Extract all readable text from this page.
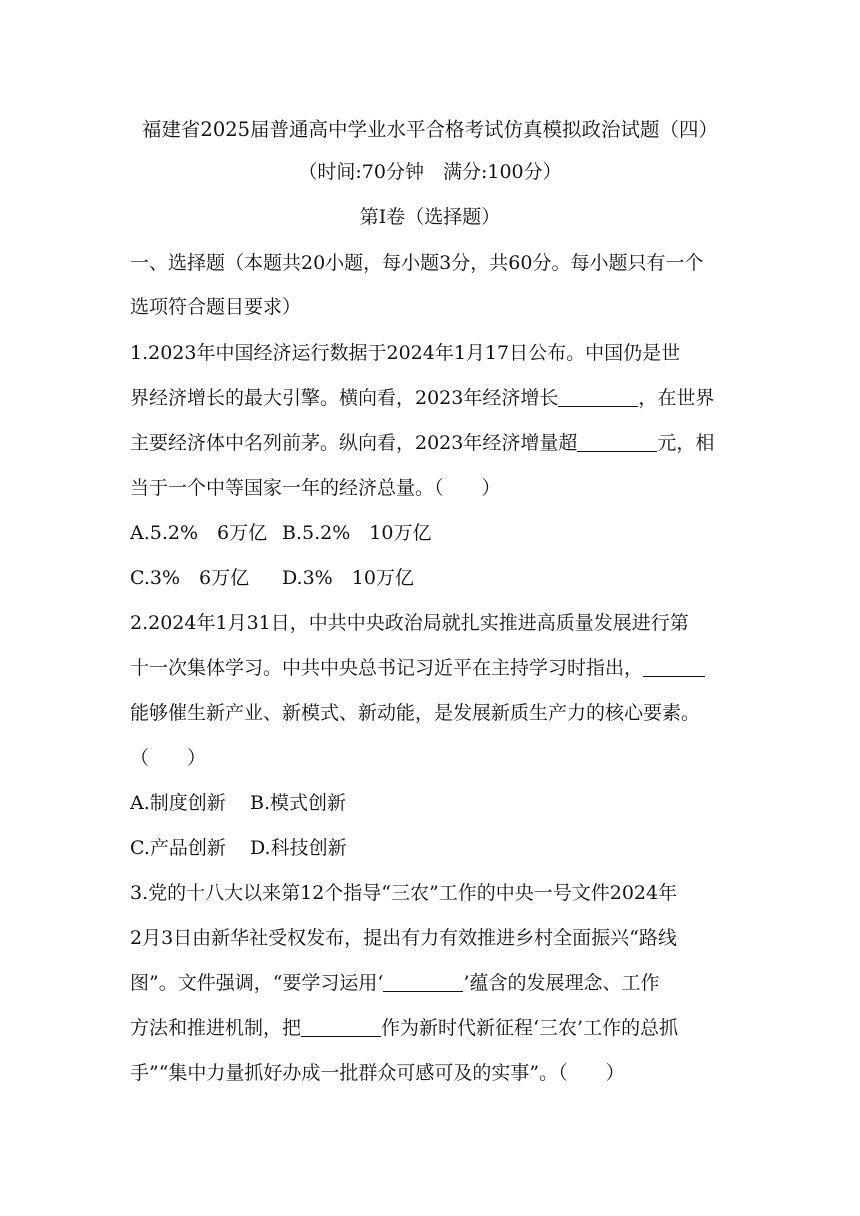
福建省2025届普通高中学业水平合格考试仿真模拟政治试题（四）
（时间:70分钟　满分:100分）
第Ⅰ卷（选择题）
一、选择题（本题共20小题，每小题3分，共60分。每小题只有一个
选项符合题目要求）
1.2023年中国经济运行数据于2024年1月17日公布。中国仍是世
界经济增长的最大引擎。横向看，2023年经济增长	，在世界
主要经济体中名列前茅。纵向看，2023年经济增量超	元，相
当于一个中等国家一年的经济总量。（　　）
A.5.2%　6万亿 B.5.2%　10万亿
C.3%　6万亿 D.3%　10万亿
2.2024年1月31日，中共中央政治局就扎实推进高质量发展进行第
十一次集体学习。中共中央总书记习近平在主持学习时指出，
能够催生新产业、新模式、新动能，是发展新质生产力的核心要素。
（　　）
A.制度创新 B.模式创新
C.产品创新 D.科技创新
3.党的十八大以来第12个指导“三农”工作的中央一号文件2024年
2月3日由新华社受权发布，提出有力有效推进乡村全面振兴“路线
图”。文件强调，“要学习运用‘	’蕴含的发展理念、工作
方法和推进机制，把	作为新时代新征程‘三农’工作的总抓
手”“集中力量抓好办成一批群众可感可及的实事”。（　　）
